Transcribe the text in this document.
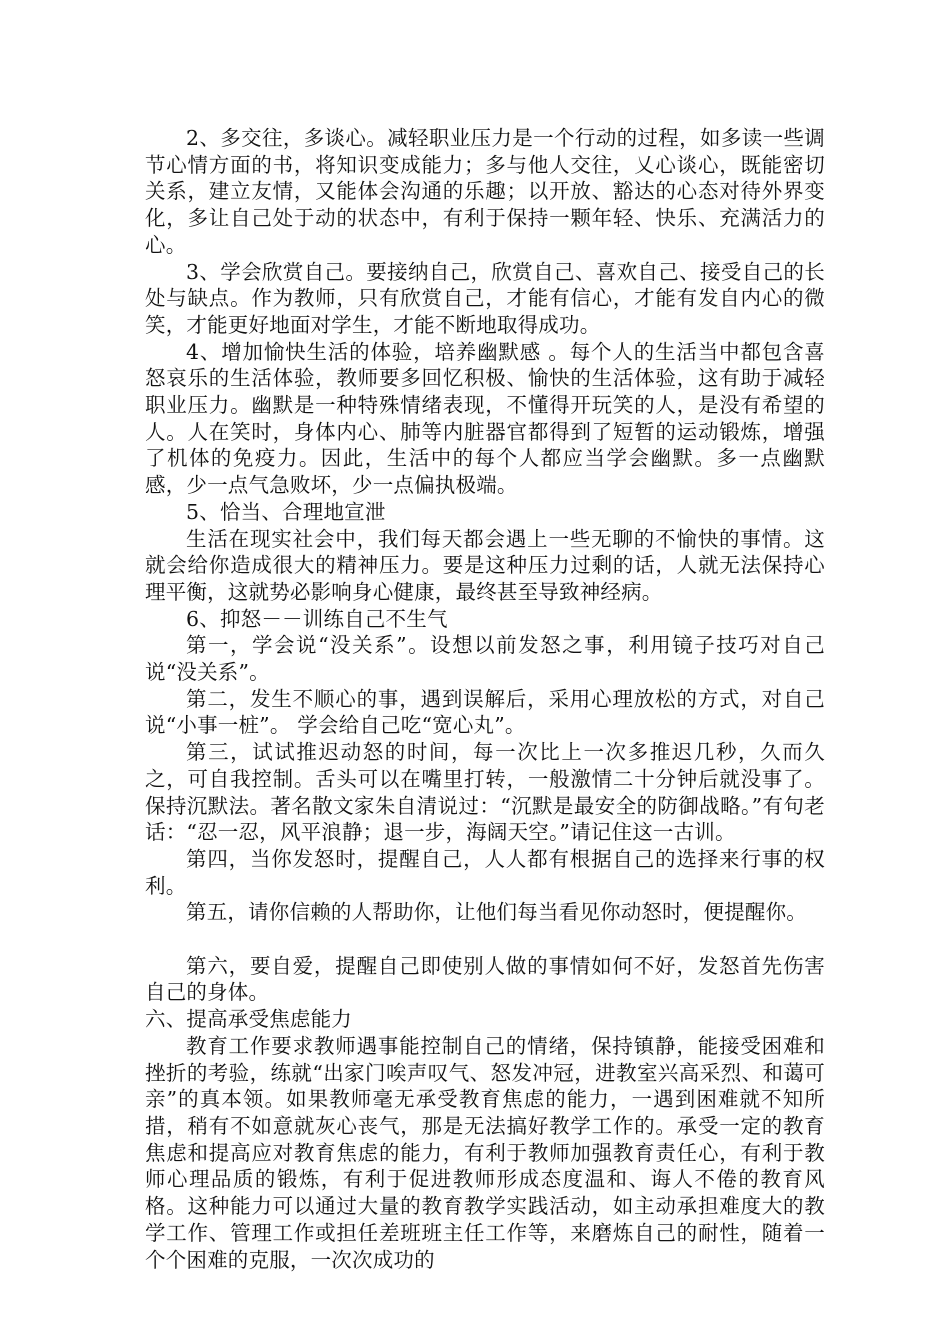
2、多交往，多谈心。减轻职业压力是一个行动的过程，如多读一些调节心情方面的书，将知识变成能力；多与他人交往，乂心谈心，既能密切关系，建立友情，又能体会沟通的乐趣；以开放、豁达的心态对待外界变化，多让自己处于动的状态中，有利于保持一颗年轻、快乐、充满活力的心。

3、学会欣赏自己。要接纳自己，欣赏自己、喜欢自己、接受自己的长处与缺点。作为教师，只有欣赏自己，才能有信心，才能有发自内心的微笑，才能更好地面对学生，才能不断地取得成功。

4、增加愉快生活的体验，培养幽默感 。每个人的生活当中都包含喜怒哀乐的生活体验，教师要多回忆积极、愉快的生活体验，这有助于减轻职业压力。幽默是一种特殊情绪表现，不懂得开玩笑的人，是没有希望的人。人在笑时，身体内心、肺等内脏器官都得到了短暂的运动锻炼，增强了机体的免疫力。因此，生活中的每个人都应当学会幽默。多一点幽默感，少一点气急败坏，少一点偏执极端。

5、恰当、合理地宣泄

生活在现实社会中，我们每天都会遇上一些无聊的不愉快的事情。这就会给你造成很大的精神压力。要是这种压力过剩的话，人就无法保持心理平衡，这就势必影响身心健康，最终甚至导致神经病。

6、抑怒－－训练自己不生气

第一，学会说“没关系”。设想以前发怒之事，利用镜子技巧对自己说“没关系”。

第二，发生不顺心的事，遇到误解后，采用心理放松的方式，对自己说“小事一桩”。 学会给自己吃“宽心丸”。

第三，试试推迟动怒的时间，每一次比上一次多推迟几秒，久而久之，可自我控制。舌头可以在嘴里打转，一般激情二十分钟后就没事了。保持沉默法。著名散文家朱自清说过：“沉默是最安全的防御战略。”有句老话：“忍一忍，风平浪静；退一步，海阔天空。”请记住这一古训。

第四，当你发怒时，提醒自己，人人都有根据自己的选择来行事的权利。

第五，请你信赖的人帮助你，让他们每当看见你动怒时，便提醒你。

第六，要自爱，提醒自己即使别人做的事情如何不好，发怒首先伤害自己的身体。

六、提高承受焦虑能力

教育工作要求教师遇事能控制自己的情绪，保持镇静，能接受困难和挫折的考验，练就“出家门唉声叹气、怒发冲冠，进教室兴高采烈、和蔼可亲”的真本领。如果教师毫无承受教育焦虑的能力，一遇到困难就不知所措，稍有不如意就灰心丧气，那是无法搞好教学工作的。承受一定的教育焦虑和提高应对教育焦虑的能力，有利于教师加强教育责任心，有利于教师心理品质的锻炼，有利于促进教师形成态度温和、诲人不倦的教育风格。这种能力可以通过大量的教育教学实践活动，如主动承担难度大的教学工作、管理工作或担任差班班主任工作等，来磨炼自己的耐性，随着一个个困难的克服，一次次成功的
